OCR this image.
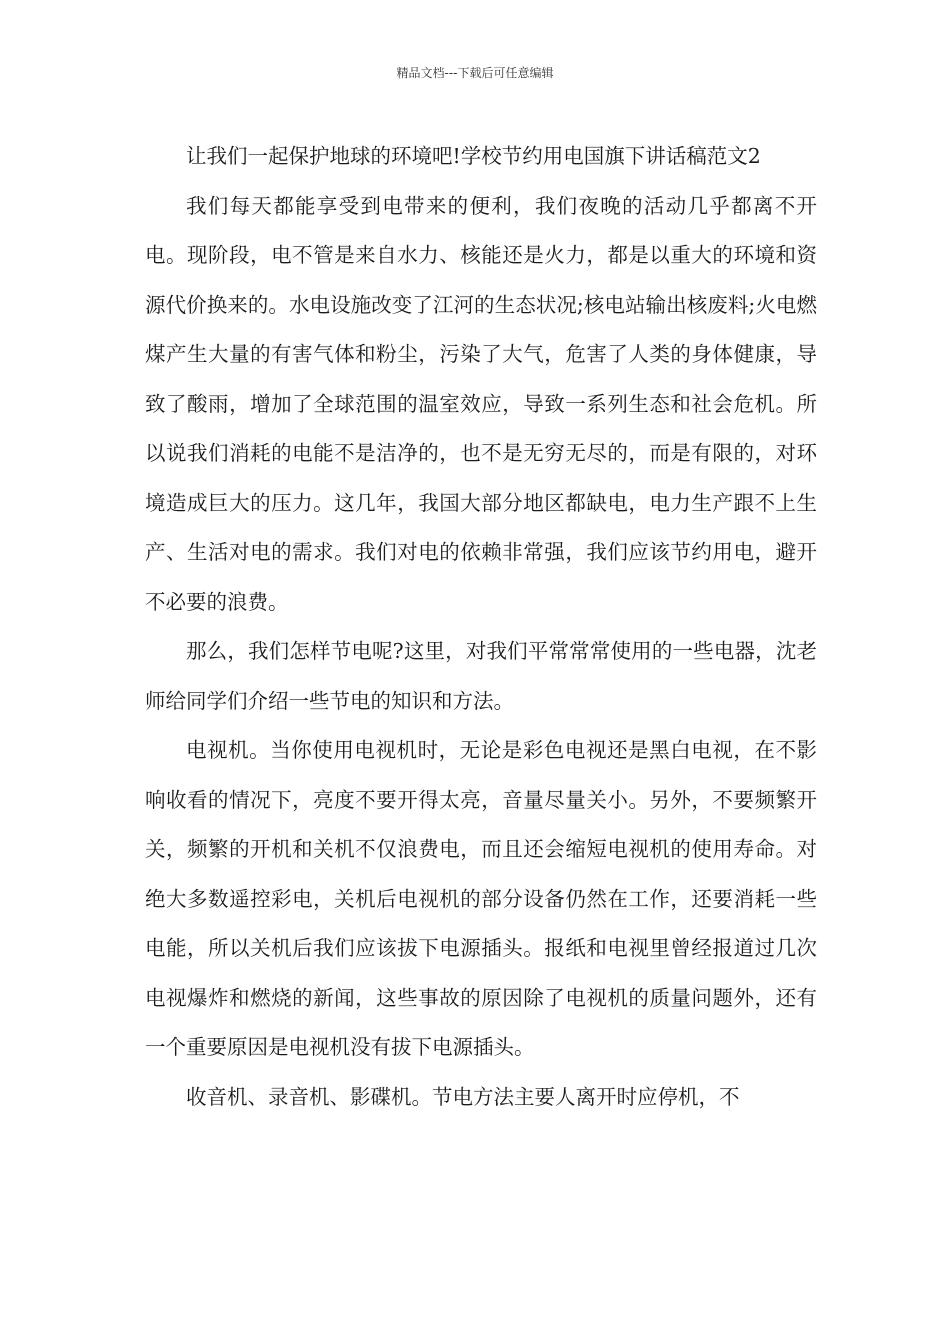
精品文档---下载后可任意编辑

让我们一起保护地球的环境吧!学校节约用电国旗下讲话稿范文2

我们每天都能享受到电带来的便利，我们夜晚的活动几乎都离不开电。现阶段，电不管是来自水力、核能还是火力，都是以重大的环境和资源代价换来的。水电设施改变了江河的生态状况;核电站输出核废料;火电燃煤产生大量的有害气体和粉尘，污染了大气，危害了人类的身体健康，导致了酸雨，增加了全球范围的温室效应，导致一系列生态和社会危机。所以说我们消耗的电能不是洁净的，也不是无穷无尽的，而是有限的，对环境造成巨大的压力。这几年，我国大部分地区都缺电，电力生产跟不上生产、生活对电的需求。我们对电的依赖非常强，我们应该节约用电，避开不必要的浪费。

那么，我们怎样节电呢?这里，对我们平常常常使用的一些电器，沈老师给同学们介绍一些节电的知识和方法。

电视机。当你使用电视机时，无论是彩色电视还是黑白电视，在不影响收看的情况下，亮度不要开得太亮，音量尽量关小。另外，不要频繁开关，频繁的开机和关机不仅浪费电，而且还会缩短电视机的使用寿命。对绝大多数遥控彩电，关机后电视机的部分设备仍然在工作，还要消耗一些电能，所以关机后我们应该拔下电源插头。报纸和电视里曾经报道过几次电视爆炸和燃烧的新闻，这些事故的原因除了电视机的质量问题外，还有一个重要原因是电视机没有拔下电源插头。

收音机、录音机、影碟机。节电方法主要人离开时应停机，不
